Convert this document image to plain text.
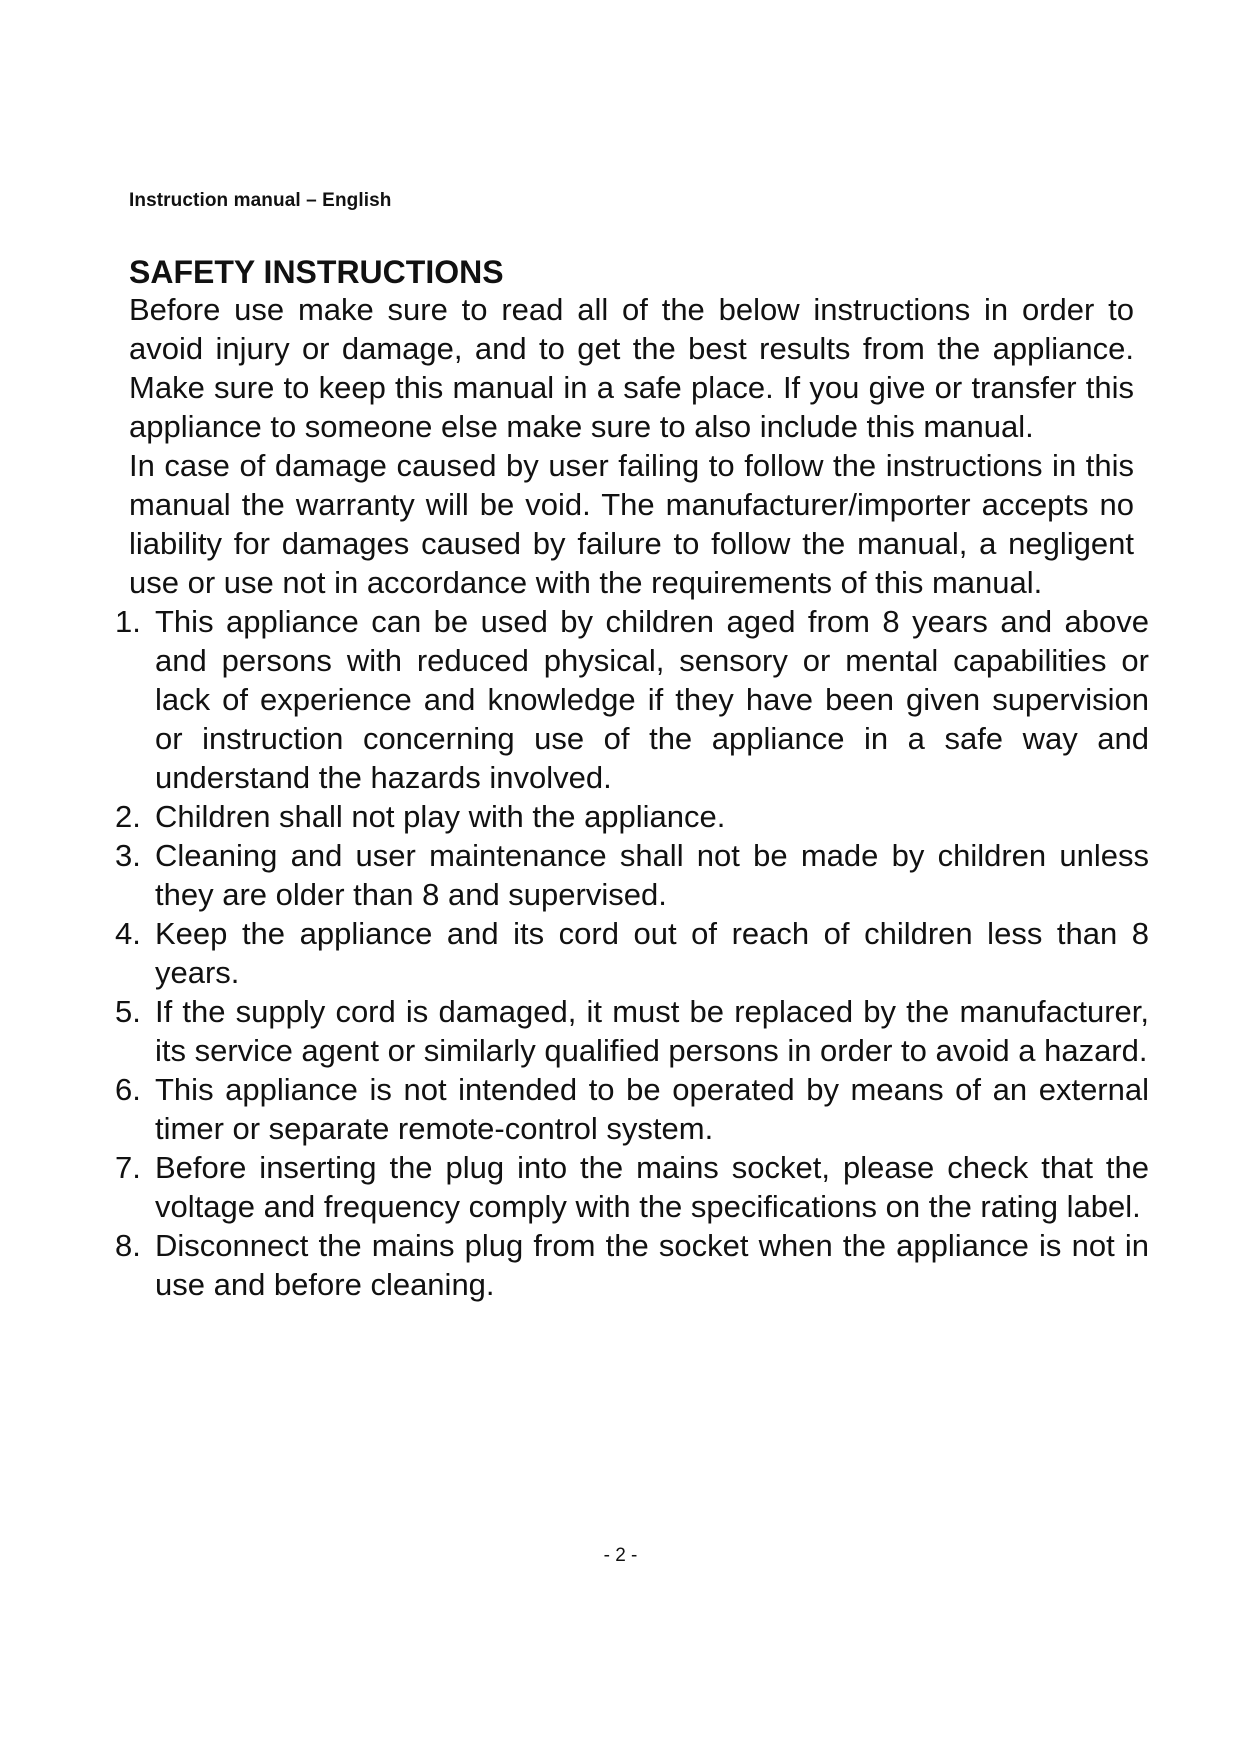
Instruction manual – English
SAFETY INSTRUCTIONS

Before use make sure to read all of the below instructions in order to avoid injury or damage, and to get the best results from the appliance. Make sure to keep this manual in a safe place. If you give or transfer this appliance to someone else make sure to also include this manual.

In case of damage caused by user failing to follow the instructions in this manual the warranty will be void. The manufacturer/importer accepts no liability for damages caused by failure to follow the manual, a negligent use or use not in accordance with the requirements of this manual.

1. This appliance can be used by children aged from 8 years and above and persons with reduced physical, sensory or mental capabilities or lack of experience and knowledge if they have been given supervision or instruction concerning use of the appliance in a safe way and understand the hazards involved.
2. Children shall not play with the appliance.
3. Cleaning and user maintenance shall not be made by children unless they are older than 8 and supervised.
4. Keep the appliance and its cord out of reach of children less than 8 years.
5. If the supply cord is damaged, it must be replaced by the manufacturer, its service agent or similarly qualified persons in order to avoid a hazard.
6. This appliance is not intended to be operated by means of an external timer or separate remote-control system.
7. Before inserting the plug into the mains socket, please check that the voltage and frequency comply with the specifications on the rating label.
8. Disconnect the mains plug from the socket when the appliance is not in use and before cleaning.
- 2 -
